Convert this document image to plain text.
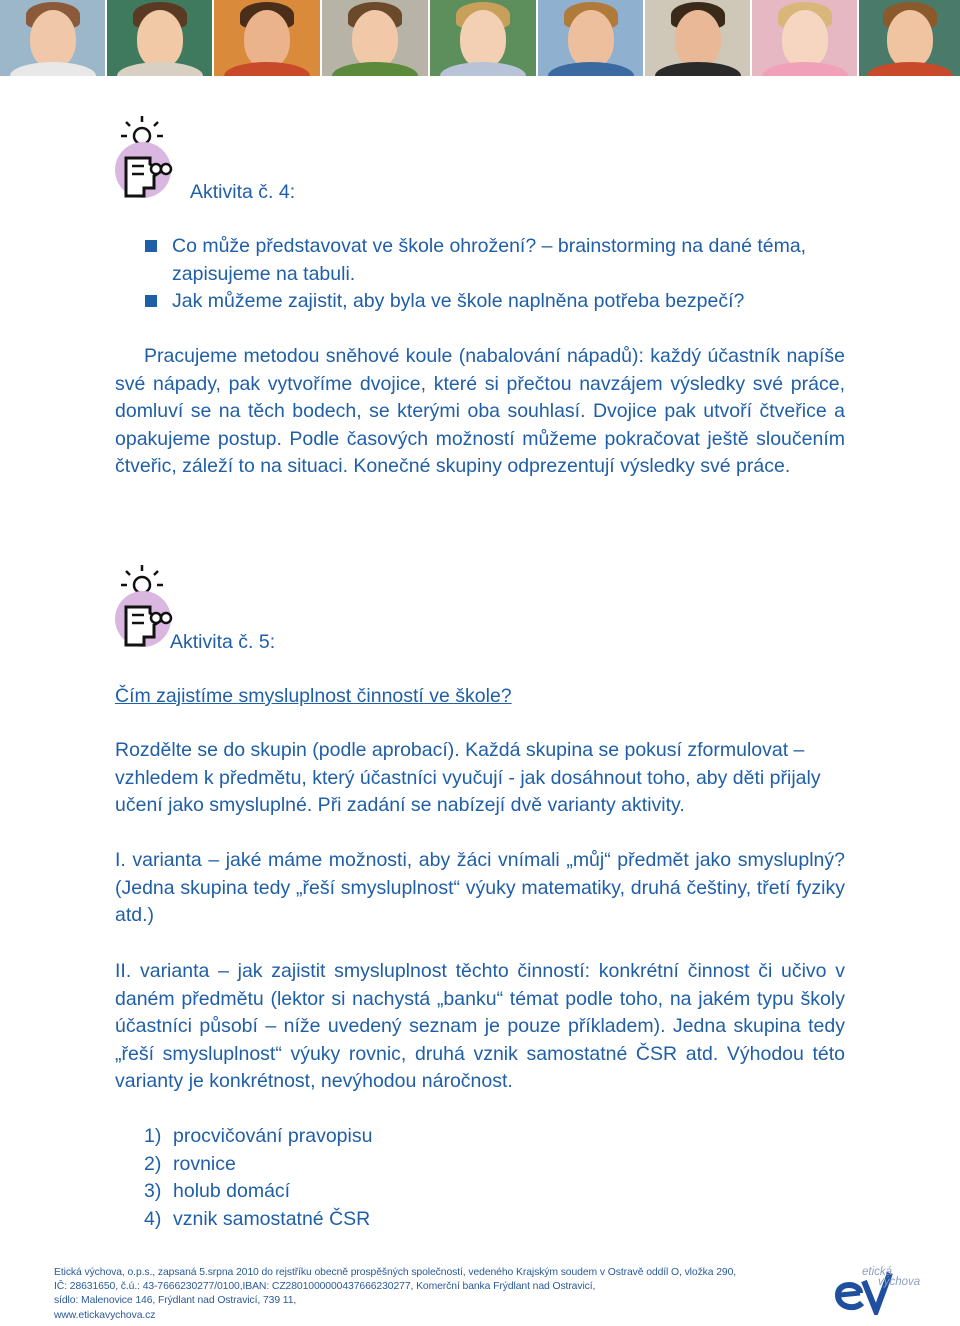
Aktivita č. 4:
Co může představovat ve škole ohrožení? – brainstorming na dané téma, zapisujeme na tabuli.
Jak můžeme zajistit, aby byla ve škole naplněna potřeba bezpečí?
Pracujeme metodou sněhové koule (nabalování nápadů): každý účastník napíše své nápady, pak vytvoříme dvojice, které si přečtou navzájem výsledky své práce, domluví se na těch bodech, se kterými oba souhlasí. Dvojice pak utvoří čtveřice a opakujeme postup. Podle časových možností můžeme pokračovat ještě sloučením čtveřic, záleží to na situaci. Konečné skupiny odprezentují výsledky své práce.
Aktivita č. 5:
Čím zajistíme smysluplnost činností ve škole?
Rozdělte se do skupin (podle aprobací). Každá skupina se pokusí zformulovat – vzhledem k předmětu, který účastníci vyučují - jak dosáhnout toho, aby děti přijaly učení jako smysluplné. Při zadání se nabízejí dvě varianty aktivity.
I. varianta – jaké máme možnosti, aby žáci vnímali „můj“ předmět jako smysluplný? (Jedna skupina tedy „řeší smysluplnost“ výuky matematiky, druhá češtiny, třetí fyziky atd.)
II. varianta – jak zajistit smysluplnost těchto činností: konkrétní činnost či učivo v daném předmětu (lektor si nachystá „banku“ témat podle toho, na jakém typu školy účastníci působí – níže uvedený seznam je pouze příkladem). Jedna skupina tedy „řeší smysluplnost“ výuky rovnic, druhá vznik samostatné ČSR atd. Výhodou této varianty je konkrétnost, nevýhodou náročnost.
1) procvičování pravopisu
2) rovnice
3) holub domácí
4) vznik samostatné ČSR
Etická výchova, o.p.s., zapsaná 5.srpna 2010 do rejstříku obecně prospěšných společností, vedeného Krajským soudem v Ostravě oddíl O, vložka 290,
IČ: 28631650, č.ú.: 43-7666230277/0100,IBAN: CZ2801000000437666230277, Komerční banka Frýdlant nad Ostravicí,
sídlo: Malenovice 146, Frýdlant nad Ostravicí, 739 11,
www.etickavychova.cz
etická
výchova
